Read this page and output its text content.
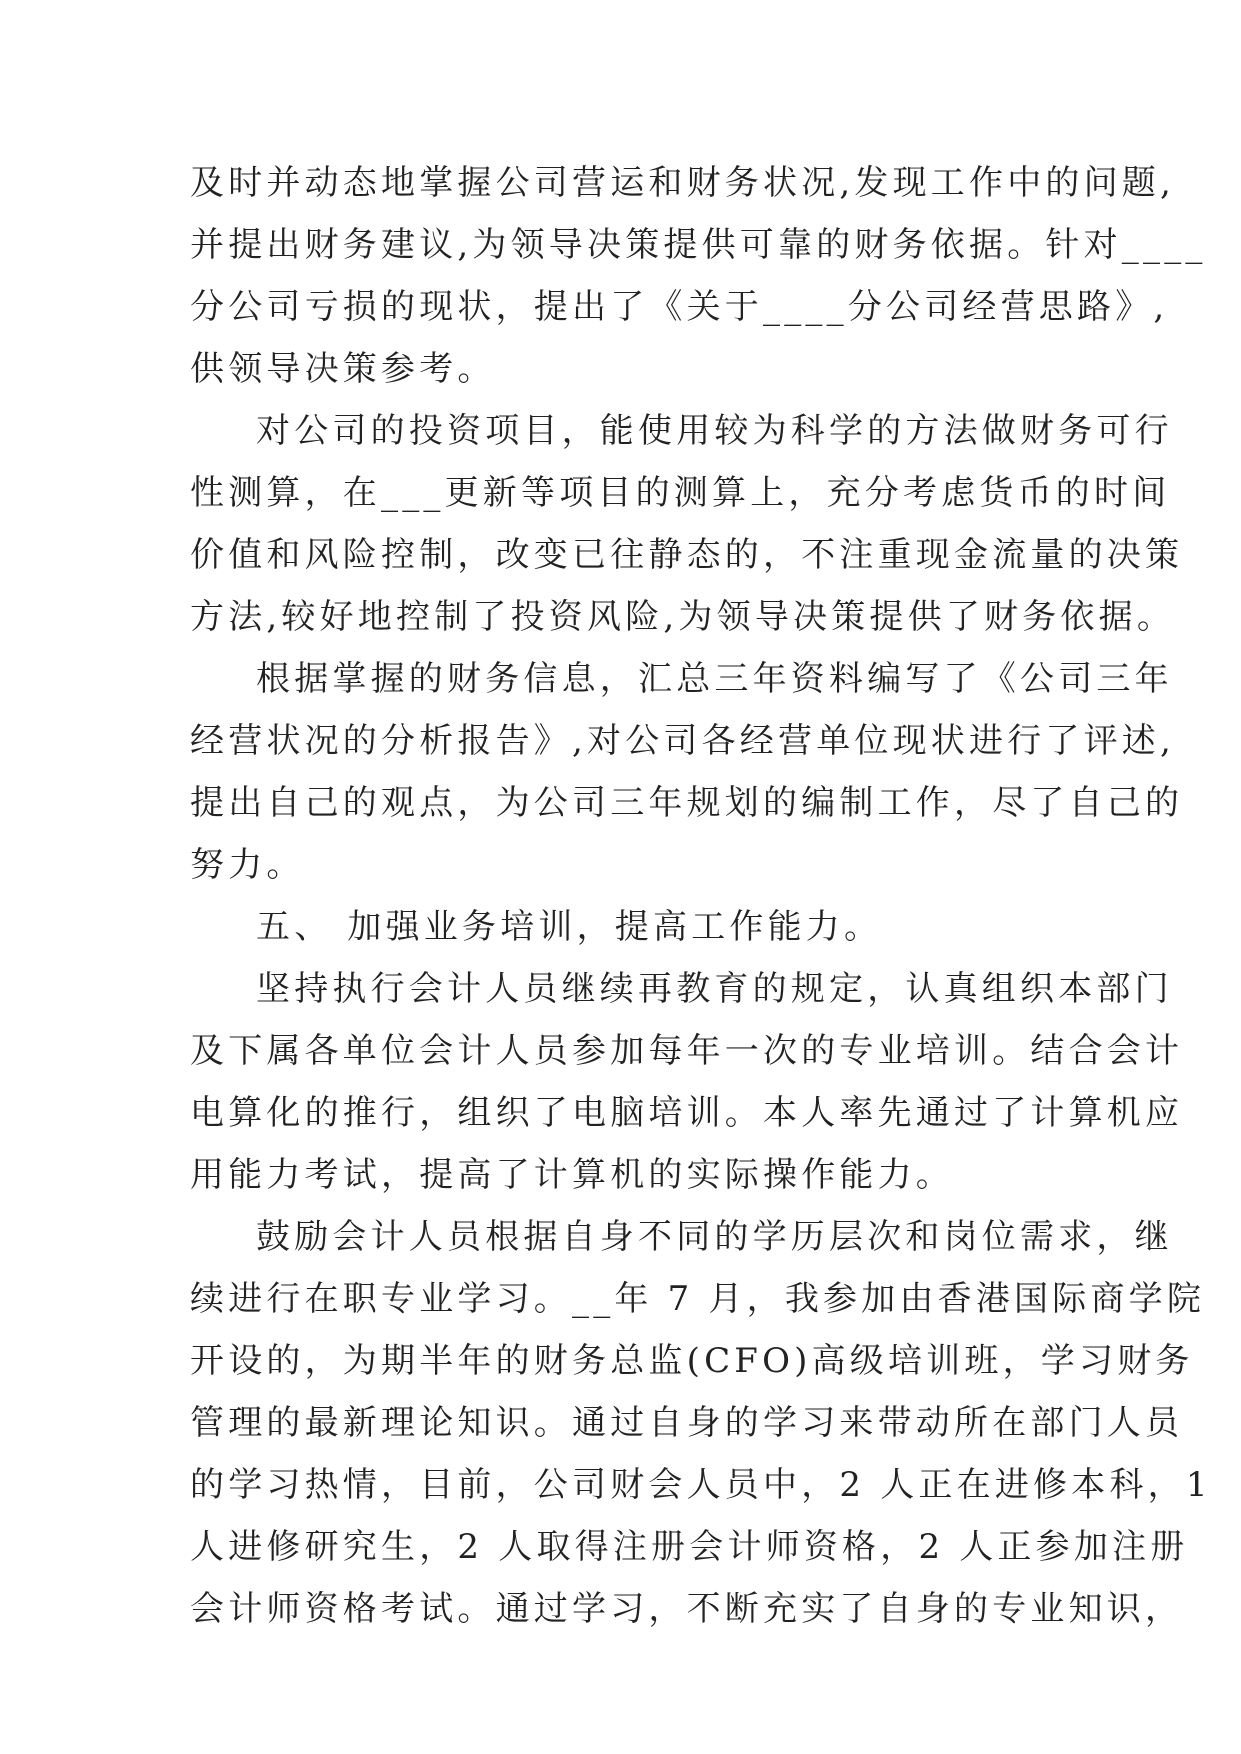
及时并动态地掌握公司营运和财务状况,发现工作中的问题,
并提出财务建议,为领导决策提供可靠的财务依据。针对____
分公司亏损的现状，提出了《关于____分公司经营思路》,
供领导决策参考。
对公司的投资项目，能使用较为科学的方法做财务可行
性测算，在___更新等项目的测算上，充分考虑货币的时间
价值和风险控制，改变已往静态的，不注重现金流量的决策
方法,较好地控制了投资风险,为领导决策提供了财务依据。
根据掌握的财务信息，汇总三年资料编写了《公司三年
经营状况的分析报告》,对公司各经营单位现状进行了评述,
提出自己的观点，为公司三年规划的编制工作，尽了自己的
努力。
五、 加强业务培训，提高工作能力。
坚持执行会计人员继续再教育的规定，认真组织本部门
及下属各单位会计人员参加每年一次的专业培训。结合会计
电算化的推行，组织了电脑培训。本人率先通过了计算机应
用能力考试，提高了计算机的实际操作能力。
鼓励会计人员根据自身不同的学历层次和岗位需求，继
续进行在职专业学习。__年 7 月，我参加由香港国际商学院
开设的，为期半年的财务总监(CFO)高级培训班，学习财务
管理的最新理论知识。通过自身的学习来带动所在部门人员
的学习热情，目前，公司财会人员中，2 人正在进修本科，1
人进修研究生，2 人取得注册会计师资格，2 人正参加注册
会计师资格考试。通过学习，不断充实了自身的专业知识，
